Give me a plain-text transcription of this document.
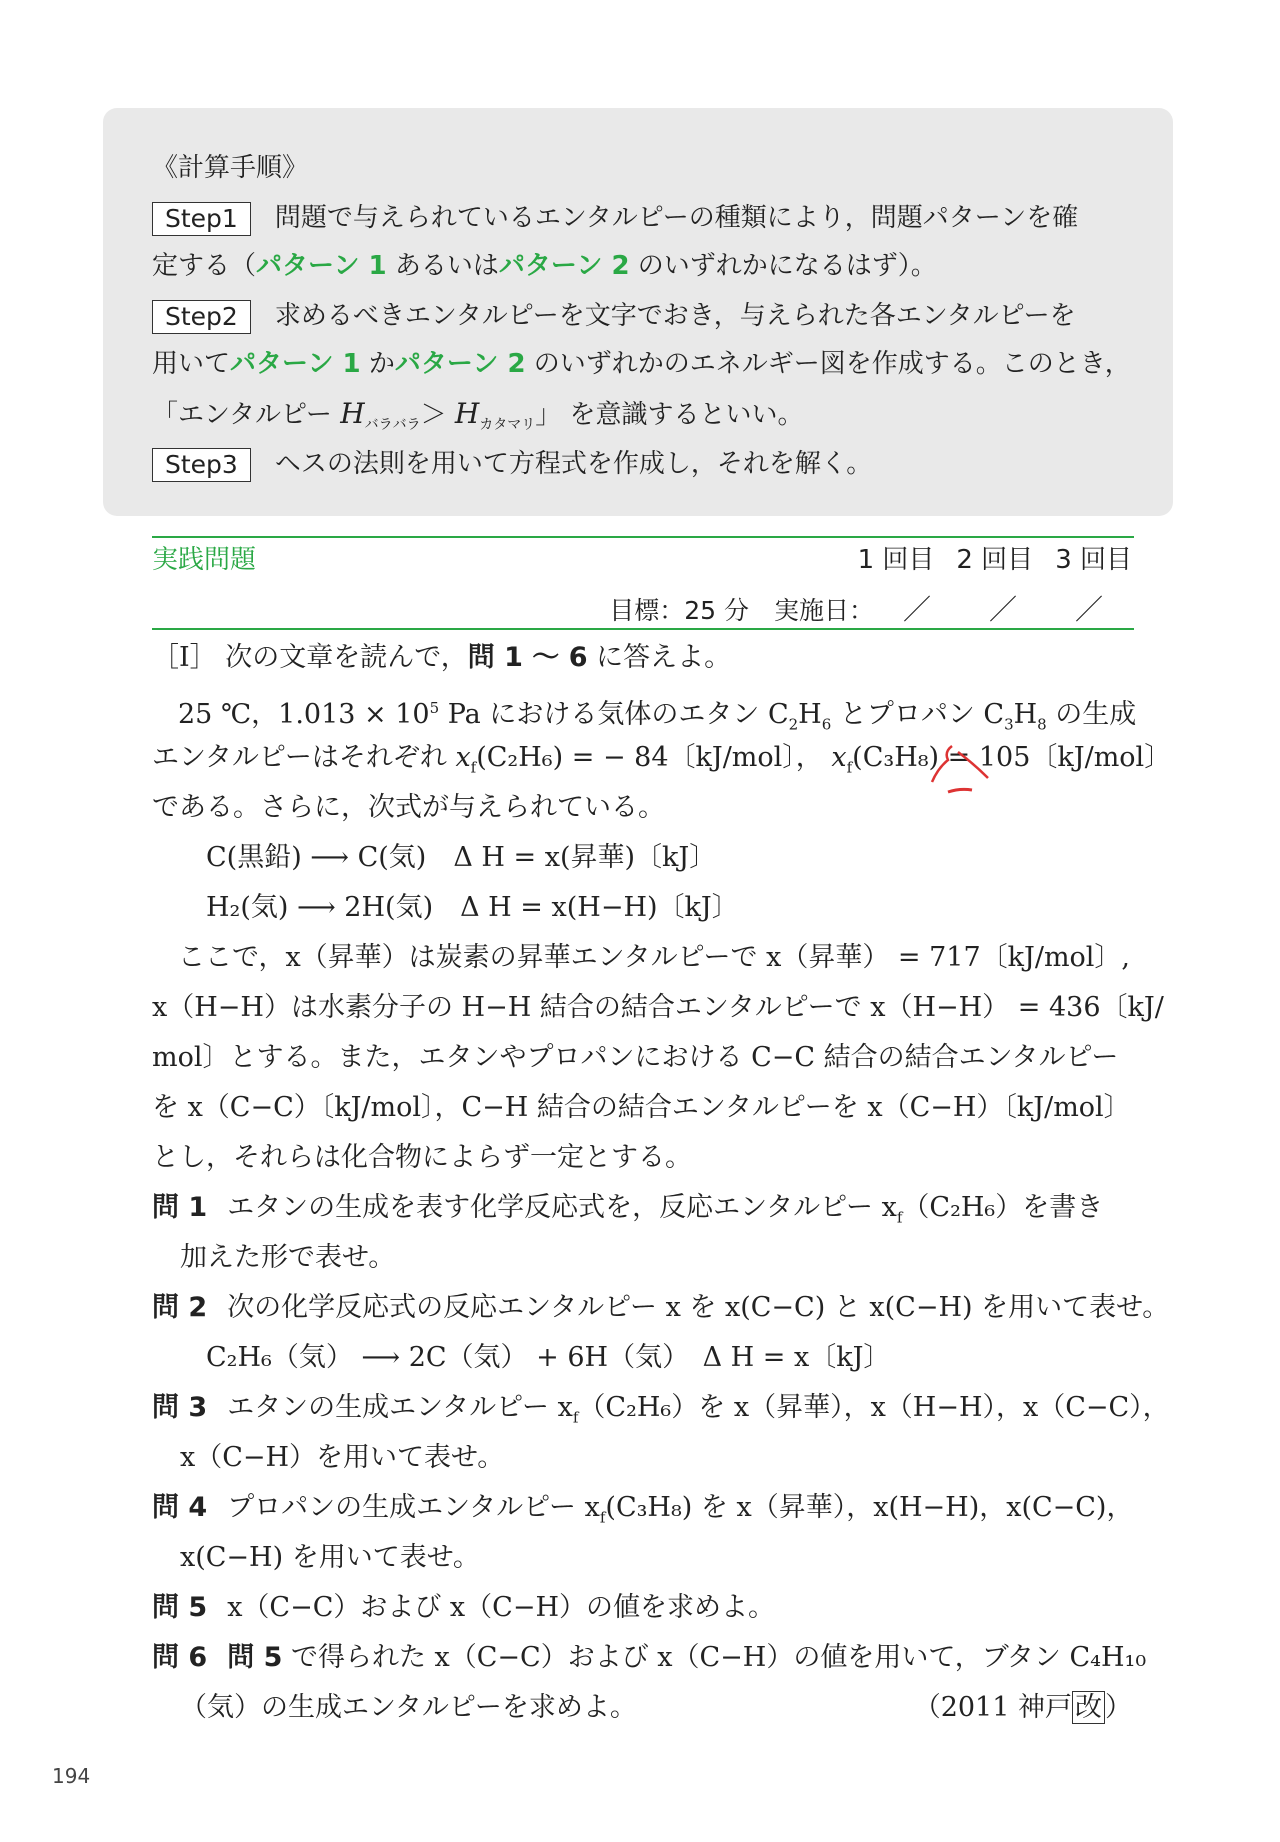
《計算手順》
Step1 問題で与えられているエンタルピーの種類により，問題パターンを確
定する（パターン 1 あるいはパターン 2 のいずれかになるはず）。
Step2 求めるべきエンタルピーを文字でおき，与えられた各エンタルピーを
用いてパターン 1 かパターン 2 のいずれかのエネルギー図を作成する。このとき，
「エンタルピー $H_{バラバラ}> H_{カタマリ}$」 を意識するといい。
Step3 ヘスの法則を用いて方程式を作成し，それを解く。
実践問題	1 回目 2 回目 3 回目
目標：25 分　実施日： ／ ／ ／
［Ⅰ］ 次の文章を読んで，問 1 〜 6 に答えよ。
25 ℃，$1.013 \times 10^5$ Pa における気体のエタン $C_2H_6$ とプロパン $C_3H_8$ の生成
エンタルピーはそれぞれ $x_f(C_2H_6)$ = − 84〔kJ/mol〕， $x_f(C_3H_8) = 105$〔kJ/mol〕
である。さらに，次式が与えられている。
C(黒鉛) ⟶ C(気)　Δ H = x(昇華)〔kJ〕
H₂(気) ⟶ 2H(気)　Δ H = x(H−H)〔kJ〕
ここで，x（昇華）は炭素の昇華エンタルピーで x（昇華） = 717〔kJ/mol〕,
x（H−H）は水素分子の H−H 結合の結合エンタルピーで x（H−H） = 436〔kJ/
mol〕とする。また，エタンやプロパンにおける C−C 結合の結合エンタルピー
を x（C−C）〔kJ/mol〕，C−H 結合の結合エンタルピーを x（C−H）〔kJ/mol〕
とし，それらは化合物によらず一定とする。
問 1 エタンの生成を表す化学反応式を，反応エンタルピー $x_f(C_2H_6)$を書き
加えた形で表せ。
問 2 次の化学反応式の反応エンタルピー x を x(C−C) と x(C−H) を用いて表せ。
C₂H₆（気） ⟶ 2C（気） + 6H（気）　Δ H = x〔kJ〕
問 3 エタンの生成エンタルピー $x_f(C_2H_6)$を x（昇華），x（H−H），x（C−C），
x（C−H）を用いて表せ。
問 4 プロパンの生成エンタルピー $x_f(C_3H_8)$ を x（昇華），x(H−H)，x(C−C)，
x(C−H) を用いて表せ。
問 5 x（C−C）および x（C−H）の値を求めよ。
問 6 問 5 で得られた x（C−C）および x（C−H）の値を用いて，ブタン C₄H₁₀
（気）の生成エンタルピーを求めよ。	（2011 神戸 改 ）
194
